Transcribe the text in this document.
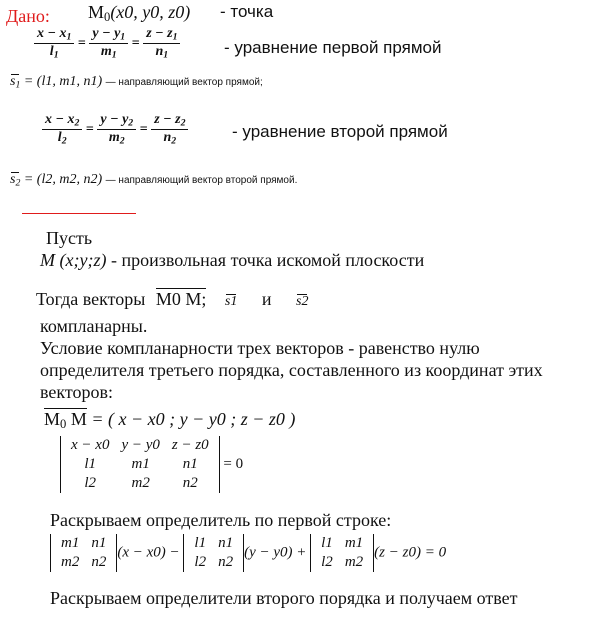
Дано: $M_0(x0$, y0, z0) - точка
$\frac{x - x_1}{l_1} = \frac{y - y_1}{m_1} = \frac{z - z_1}{n_1}$	- уравнение первой прямой
$s_1 = (l1$, m1, n1) — направляющий вектор прямой;
$\frac{x - x_2}{l_2} = \frac{y - y_2}{m_2} = \frac{z - z_2}{n_2}$	- уравнение второй прямой
$s_2 = (l2$, m2, n2) — направляющий вектор второй прямой.
Пусть
M (x;y;z) - произвольная точка искомой плоскости
Тогда векторы M0 M; s1 и s2
компланарны.
Условие компланарности трех векторов - равенство нулю
определителя третьего порядка, составленного из координат этих
векторов:
$M_0$ M = ( x − x0 ; y − y0 ; z − z0 )
x − x0	y − y0	z − z0
l1	m1	n1
l2	m2	n2
= 0
Раскрываем определитель по первой строке:
m1	n1
m2	n2
(x − x0) −
l1	n1
l2	n2
(y − y0) +
l1	m1
l2	m2
(z − z0) = 0
Раскрываем определители второго порядка и получаем ответ
